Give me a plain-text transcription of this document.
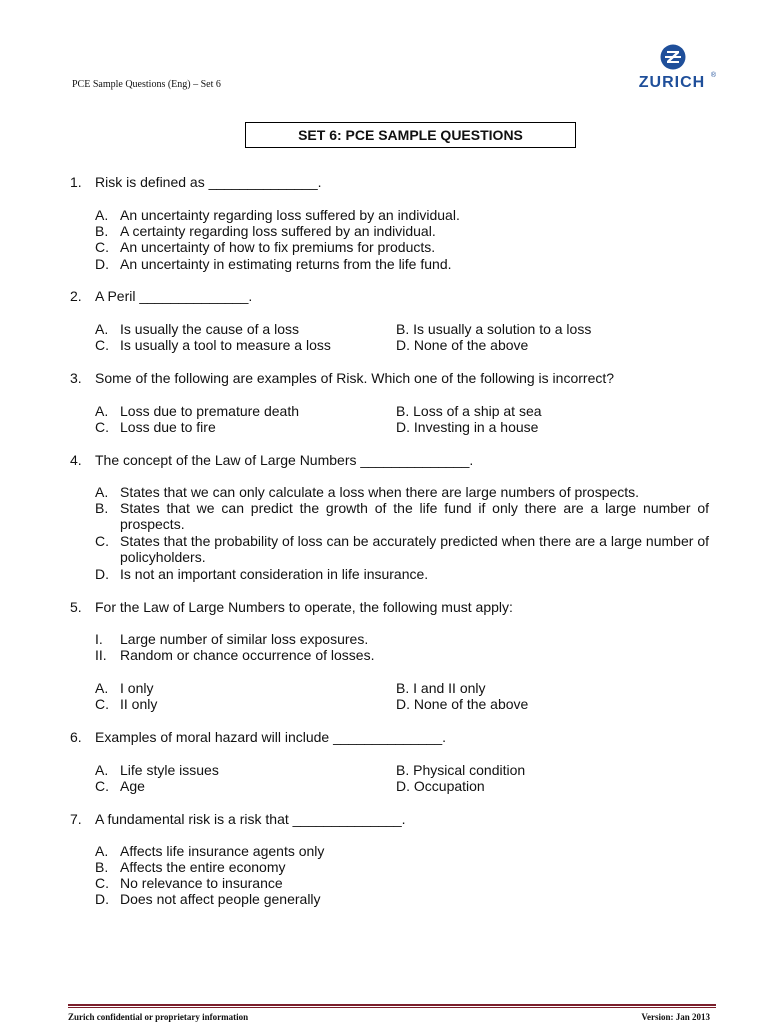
PCE Sample Questions (Eng) – Set 6	ZURICH ®
SET 6: PCE SAMPLE QUESTIONS
1. Risk is defined as ______________.
A. An uncertainty regarding loss suffered by an individual.
B. A certainty regarding loss suffered by an individual.
C. An uncertainty of how to fix premiums for products.
D. An uncertainty in estimating returns from the life fund.
2. A Peril ______________.
A. Is usually the cause of a loss	B. Is usually a solution to a loss
C. Is usually a tool to measure a loss	D. None of the above
3. Some of the following are examples of Risk. Which one of the following is incorrect?
A. Loss due to premature death	B. Loss of a ship at sea
C. Loss due to fire	D. Investing in a house
4. The concept of the Law of Large Numbers ______________.
A. States that we can only calculate a loss when there are large numbers of prospects.
B. States that we can predict the growth of the life fund if only there are a large number of prospects.
C. States that the probability of loss can be accurately predicted when there are a large number of policyholders.
D. Is not an important consideration in life insurance.
5. For the Law of Large Numbers to operate, the following must apply:
I. Large number of similar loss exposures.
II. Random or chance occurrence of losses.
A. I only	B. I and II only
C. II only	D. None of the above
6. Examples of moral hazard will include ______________.
A. Life style issues	B. Physical condition
C. Age	D. Occupation
7. A fundamental risk is a risk that ______________.
A. Affects life insurance agents only
B. Affects the entire economy
C. No relevance to insurance
D. Does not affect people generally
Zurich confidential or proprietary information	Version: Jan 2013
